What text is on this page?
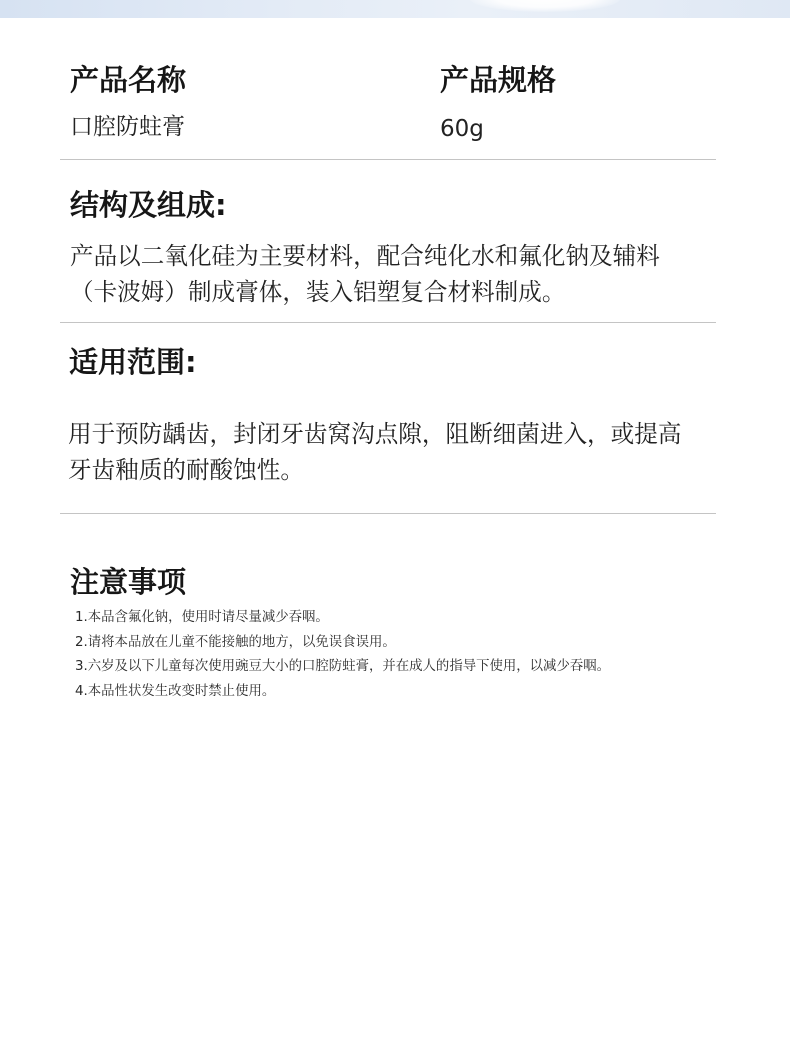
产品名称	产品规格
口腔防蛀膏	60g
结构及组成:
产品以二氧化硅为主要材料，配合纯化水和氟化钠及辅料
（卡波姆）制成膏体，装入铝塑复合材料制成。
适用范围:
用于预防龋齿，封闭牙齿窝沟点隙，阻断细菌进入，或提高
牙齿釉质的耐酸蚀性。
注意事项
1.本品含氟化钠，使用时请尽量减少吞咽。
2.请将本品放在儿童不能接触的地方，以免误食误用。
3.六岁及以下儿童每次使用豌豆大小的口腔防蛀膏，并在成人的指导下使用，以减少吞咽。
4.本品性状发生改变时禁止使用。
